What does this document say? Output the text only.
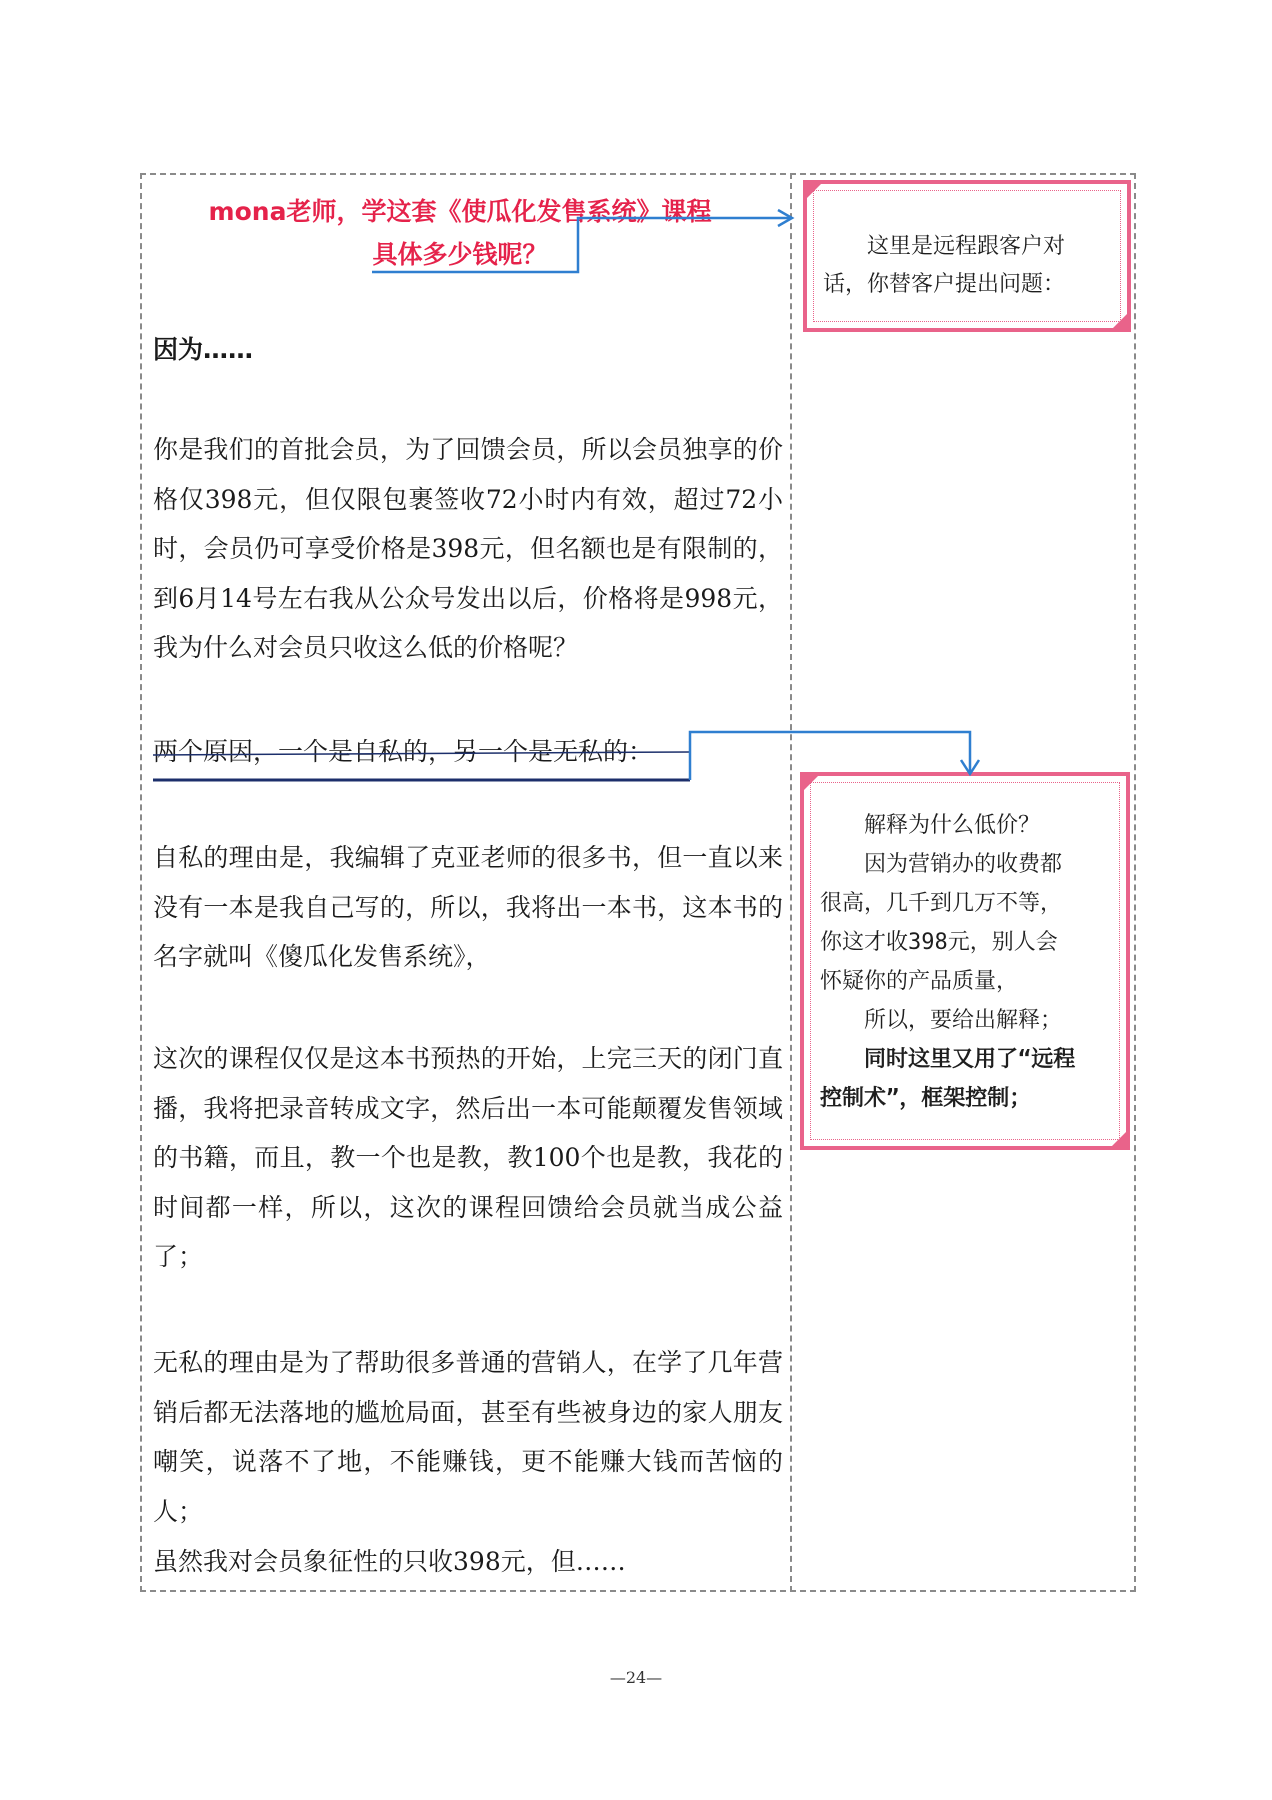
mona老师，学这套《使瓜化发售系统》课程
具体多少钱呢？
因为……
你是我们的首批会员，为了回馈会员，所以会员独享的价格仅398元，但仅限包裹签收72小时内有效，超过72小时，会员仍可享受价格是398元，但名额也是有限制的，到6月14号左右我从公众号发出以后，价格将是998元，我为什么对会员只收这么低的价格呢？
两个原因，一个是自私的，另一个是无私的：
自私的理由是，我编辑了克亚老师的很多书，但一直以来没有一本是我自己写的，所以，我将出一本书，这本书的名字就叫《傻瓜化发售系统》，
这次的课程仅仅是这本书预热的开始，上完三天的闭门直播，我将把录音转成文字，然后出一本可能颠覆发售领域的书籍，而且，教一个也是教，教100个也是教，我花的时间都一样，所以，这次的课程回馈给会员就当成公益了；
无私的理由是为了帮助很多普通的营销人，在学了几年营销后都无法落地的尴尬局面，甚至有些被身边的家人朋友嘲笑，说落不了地，不能赚钱，更不能赚大钱而苦恼的人；
虽然我对会员象征性的只收398元，但……
这里是远程跟客户对
话，你替客户提出问题：
解释为什么低价？
因为营销办的收费都
很高，几千到几万不等，
你这才收398元，别人会
怀疑你的产品质量，
所以，要给出解释；
同时这里又用了“远程
控制术”，框架控制；
—24—
